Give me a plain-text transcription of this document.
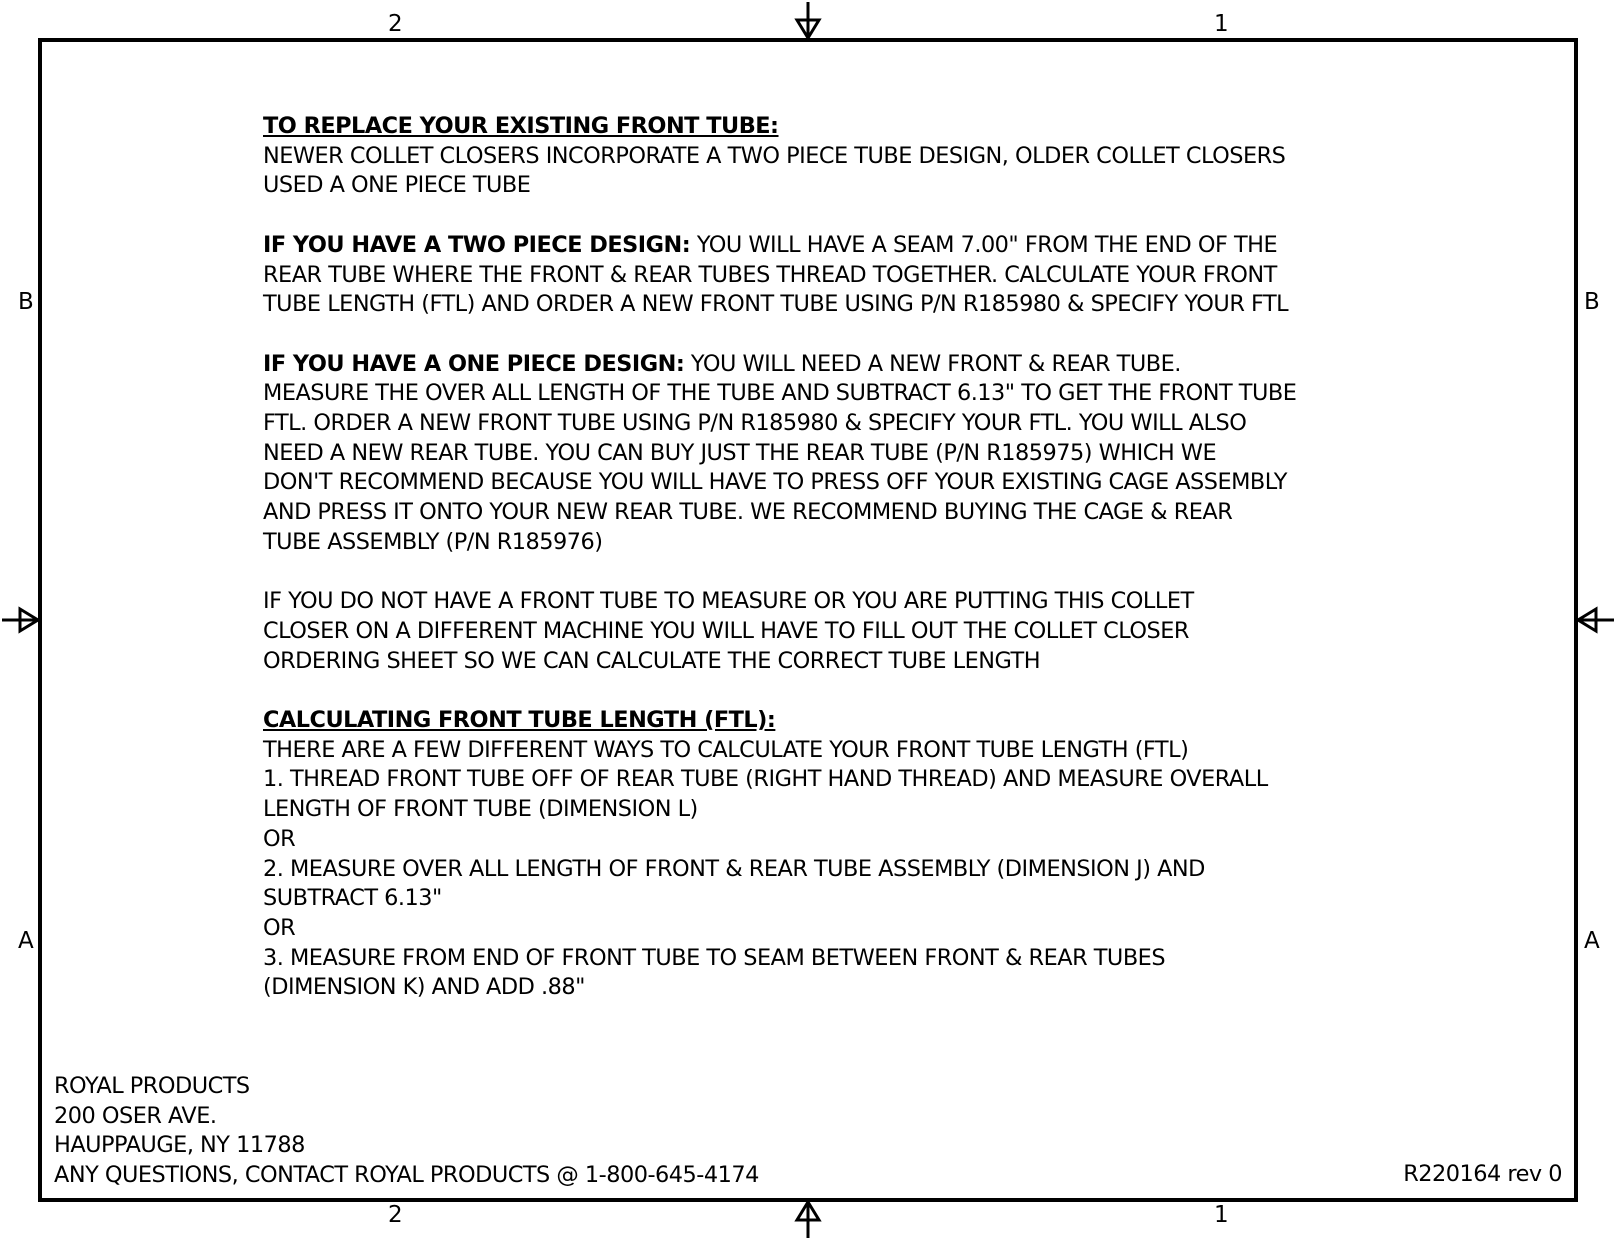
2	1
2	1
B	B
A	A

TO REPLACE YOUR EXISTING FRONT TUBE:

NEWER COLLET CLOSERS INCORPORATE A TWO PIECE TUBE DESIGN, OLDER COLLET CLOSERS

USED A ONE PIECE TUBE

IF YOU HAVE A TWO PIECE DESIGN: YOU WILL HAVE A SEAM 7.00" FROM THE END OF THE

REAR TUBE WHERE THE FRONT & REAR TUBES THREAD TOGETHER. CALCULATE YOUR FRONT

TUBE LENGTH (FTL) AND ORDER A NEW FRONT TUBE USING P/N R185980 & SPECIFY YOUR FTL

IF YOU HAVE A ONE PIECE DESIGN: YOU WILL NEED A NEW FRONT & REAR TUBE.

MEASURE THE OVER ALL LENGTH OF THE TUBE AND SUBTRACT 6.13" TO GET THE FRONT TUBE

FTL. ORDER A NEW FRONT TUBE USING P/N R185980 & SPECIFY YOUR FTL. YOU WILL ALSO

NEED A NEW REAR TUBE. YOU CAN BUY JUST THE REAR TUBE (P/N R185975) WHICH WE

DON'T RECOMMEND BECAUSE YOU WILL HAVE TO PRESS OFF YOUR EXISTING CAGE ASSEMBLY

AND PRESS IT ONTO YOUR NEW REAR TUBE. WE RECOMMEND BUYING THE CAGE & REAR

TUBE ASSEMBLY (P/N R185976)

IF YOU DO NOT HAVE A FRONT TUBE TO MEASURE OR YOU ARE PUTTING THIS COLLET

CLOSER ON A DIFFERENT MACHINE YOU WILL HAVE TO FILL OUT THE COLLET CLOSER

ORDERING SHEET SO WE CAN CALCULATE THE CORRECT TUBE LENGTH

CALCULATING FRONT TUBE LENGTH (FTL):

THERE ARE A FEW DIFFERENT WAYS TO CALCULATE YOUR FRONT TUBE LENGTH (FTL)

1. THREAD FRONT TUBE OFF OF REAR TUBE (RIGHT HAND THREAD) AND MEASURE OVERALL

LENGTH OF FRONT TUBE (DIMENSION L)

OR

2. MEASURE OVER ALL LENGTH OF FRONT & REAR TUBE ASSEMBLY (DIMENSION J) AND

SUBTRACT 6.13"

OR

3. MEASURE FROM END OF FRONT TUBE TO SEAM BETWEEN FRONT & REAR TUBES

(DIMENSION K) AND ADD .88"

ROYAL PRODUCTS

200 OSER AVE.

HAUPPAUGE, NY 11788

ANY QUESTIONS, CONTACT ROYAL PRODUCTS @ 1-800-645-4174	R220164 rev 0
